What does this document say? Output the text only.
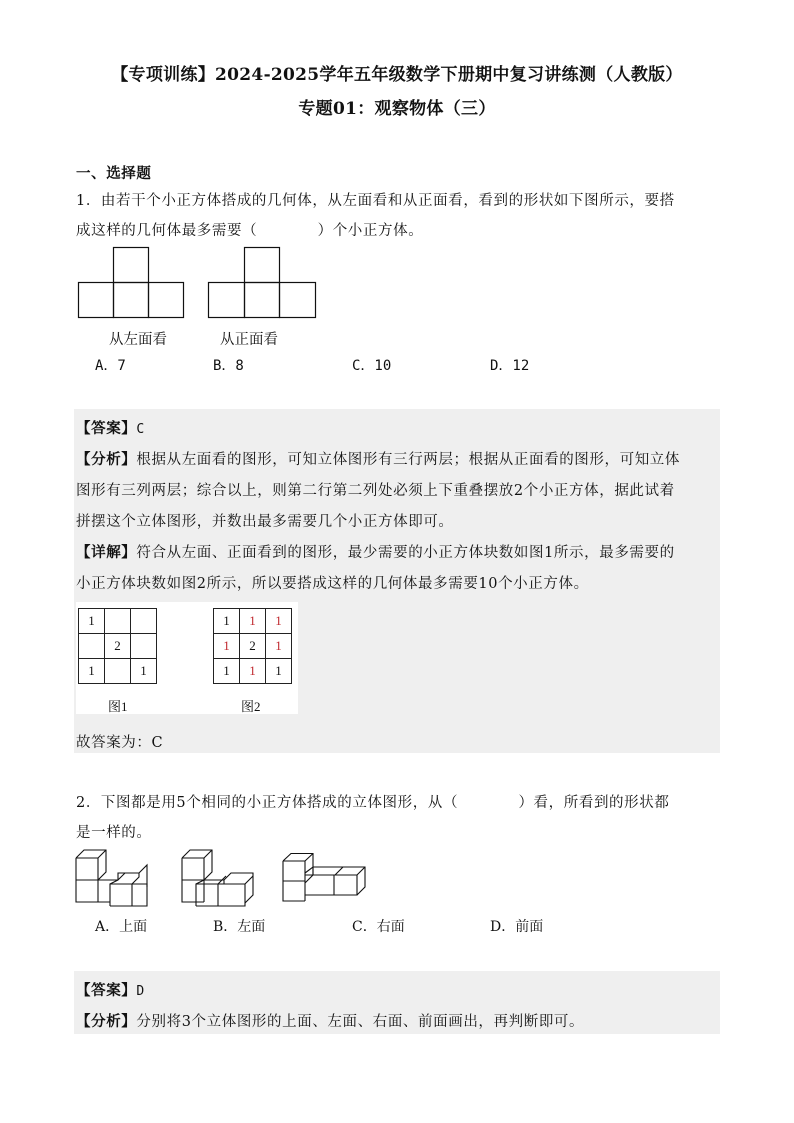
【专项训练】2024-2025学年五年级数学下册期中复习讲练测（人教版）
专题01：观察物体（三）
一、选择题
1．由若干个小正方体搭成的几何体，从左面看和从正面看，看到的形状如下图所示，要搭
成这样的几何体最多需要（　　　　）个小正方体。
从左面看	从正面看
A．7	B．8	C．10	D．12
【答案】C
【分析】根据从左面看的图形，可知立体图形有三行两层；根据从正面看的图形，可知立体
图形有三列两层；综合以上，则第二行第二列处必须上下重叠摆放2个小正方体，据此试着
拼摆这个立体图形，并数出最多需要几个小正方体即可。
【详解】符合从左面、正面看到的图形，最少需要的小正方体块数如图1所示，最多需要的
小正方体块数如图2所示，所以要搭成这样的几何体最多需要10个小正方体。
1		
	2	
1		1
图1
1	1	1
1	2	1
1	1	1
图2
故答案为：C
2．下图都是用5个相同的小正方体搭成的立体图形，从（　　　　）看，所看到的形状都
是一样的。
A．上面	B．左面	C．右面	D．前面
【答案】D
【分析】分别将3个立体图形的上面、左面、右面、前面画出，再判断即可。
